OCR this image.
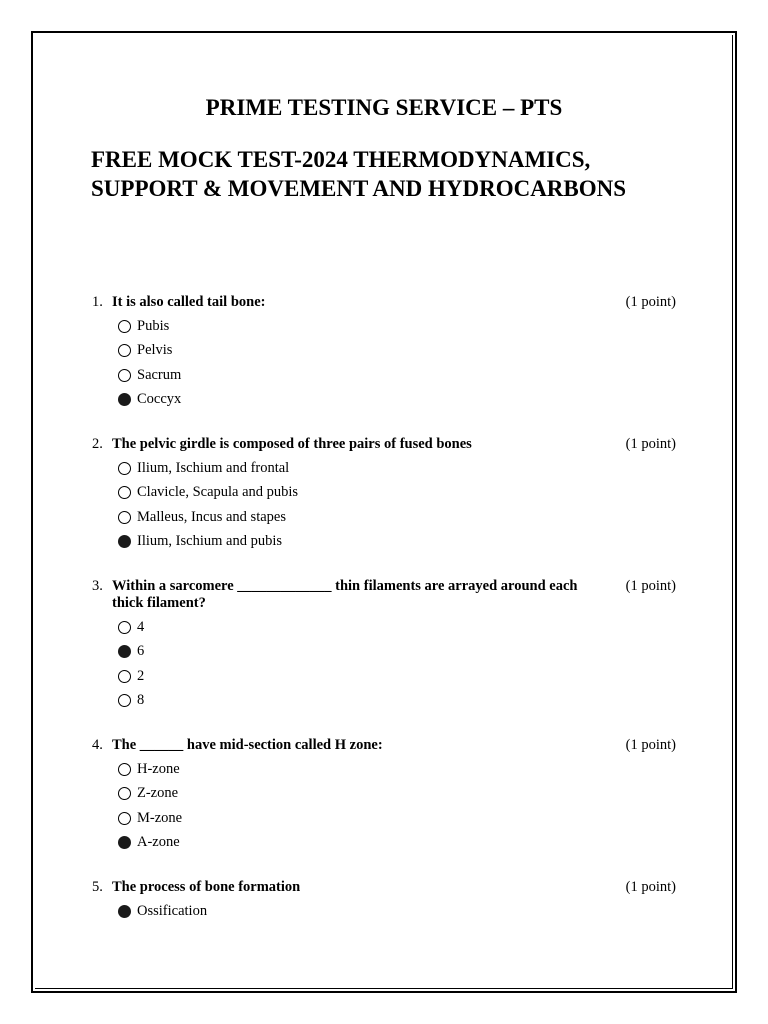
PRIME TESTING SERVICE – PTS
FREE MOCK TEST-2024 THERMODYNAMICS,
SUPPORT & MOVEMENT AND HYDROCARBONS
1. It is also called tail bone:	(1 point)
Pubis
Pelvis
Sacrum
Coccyx
2. The pelvic girdle is composed of three pairs of fused bones	(1 point)
Ilium, Ischium and frontal
Clavicle, Scapula and pubis
Malleus, Incus and stapes
Ilium, Ischium and pubis
3. Within a sarcomere _____________ thin filaments are arrayed around each thick filament?
(1 point)
4
6
2
8
4. The ______ have mid-section called H zone:	(1 point)
H-zone
Z-zone
M-zone
A-zone
5. The process of bone formation	(1 point)
Ossification
